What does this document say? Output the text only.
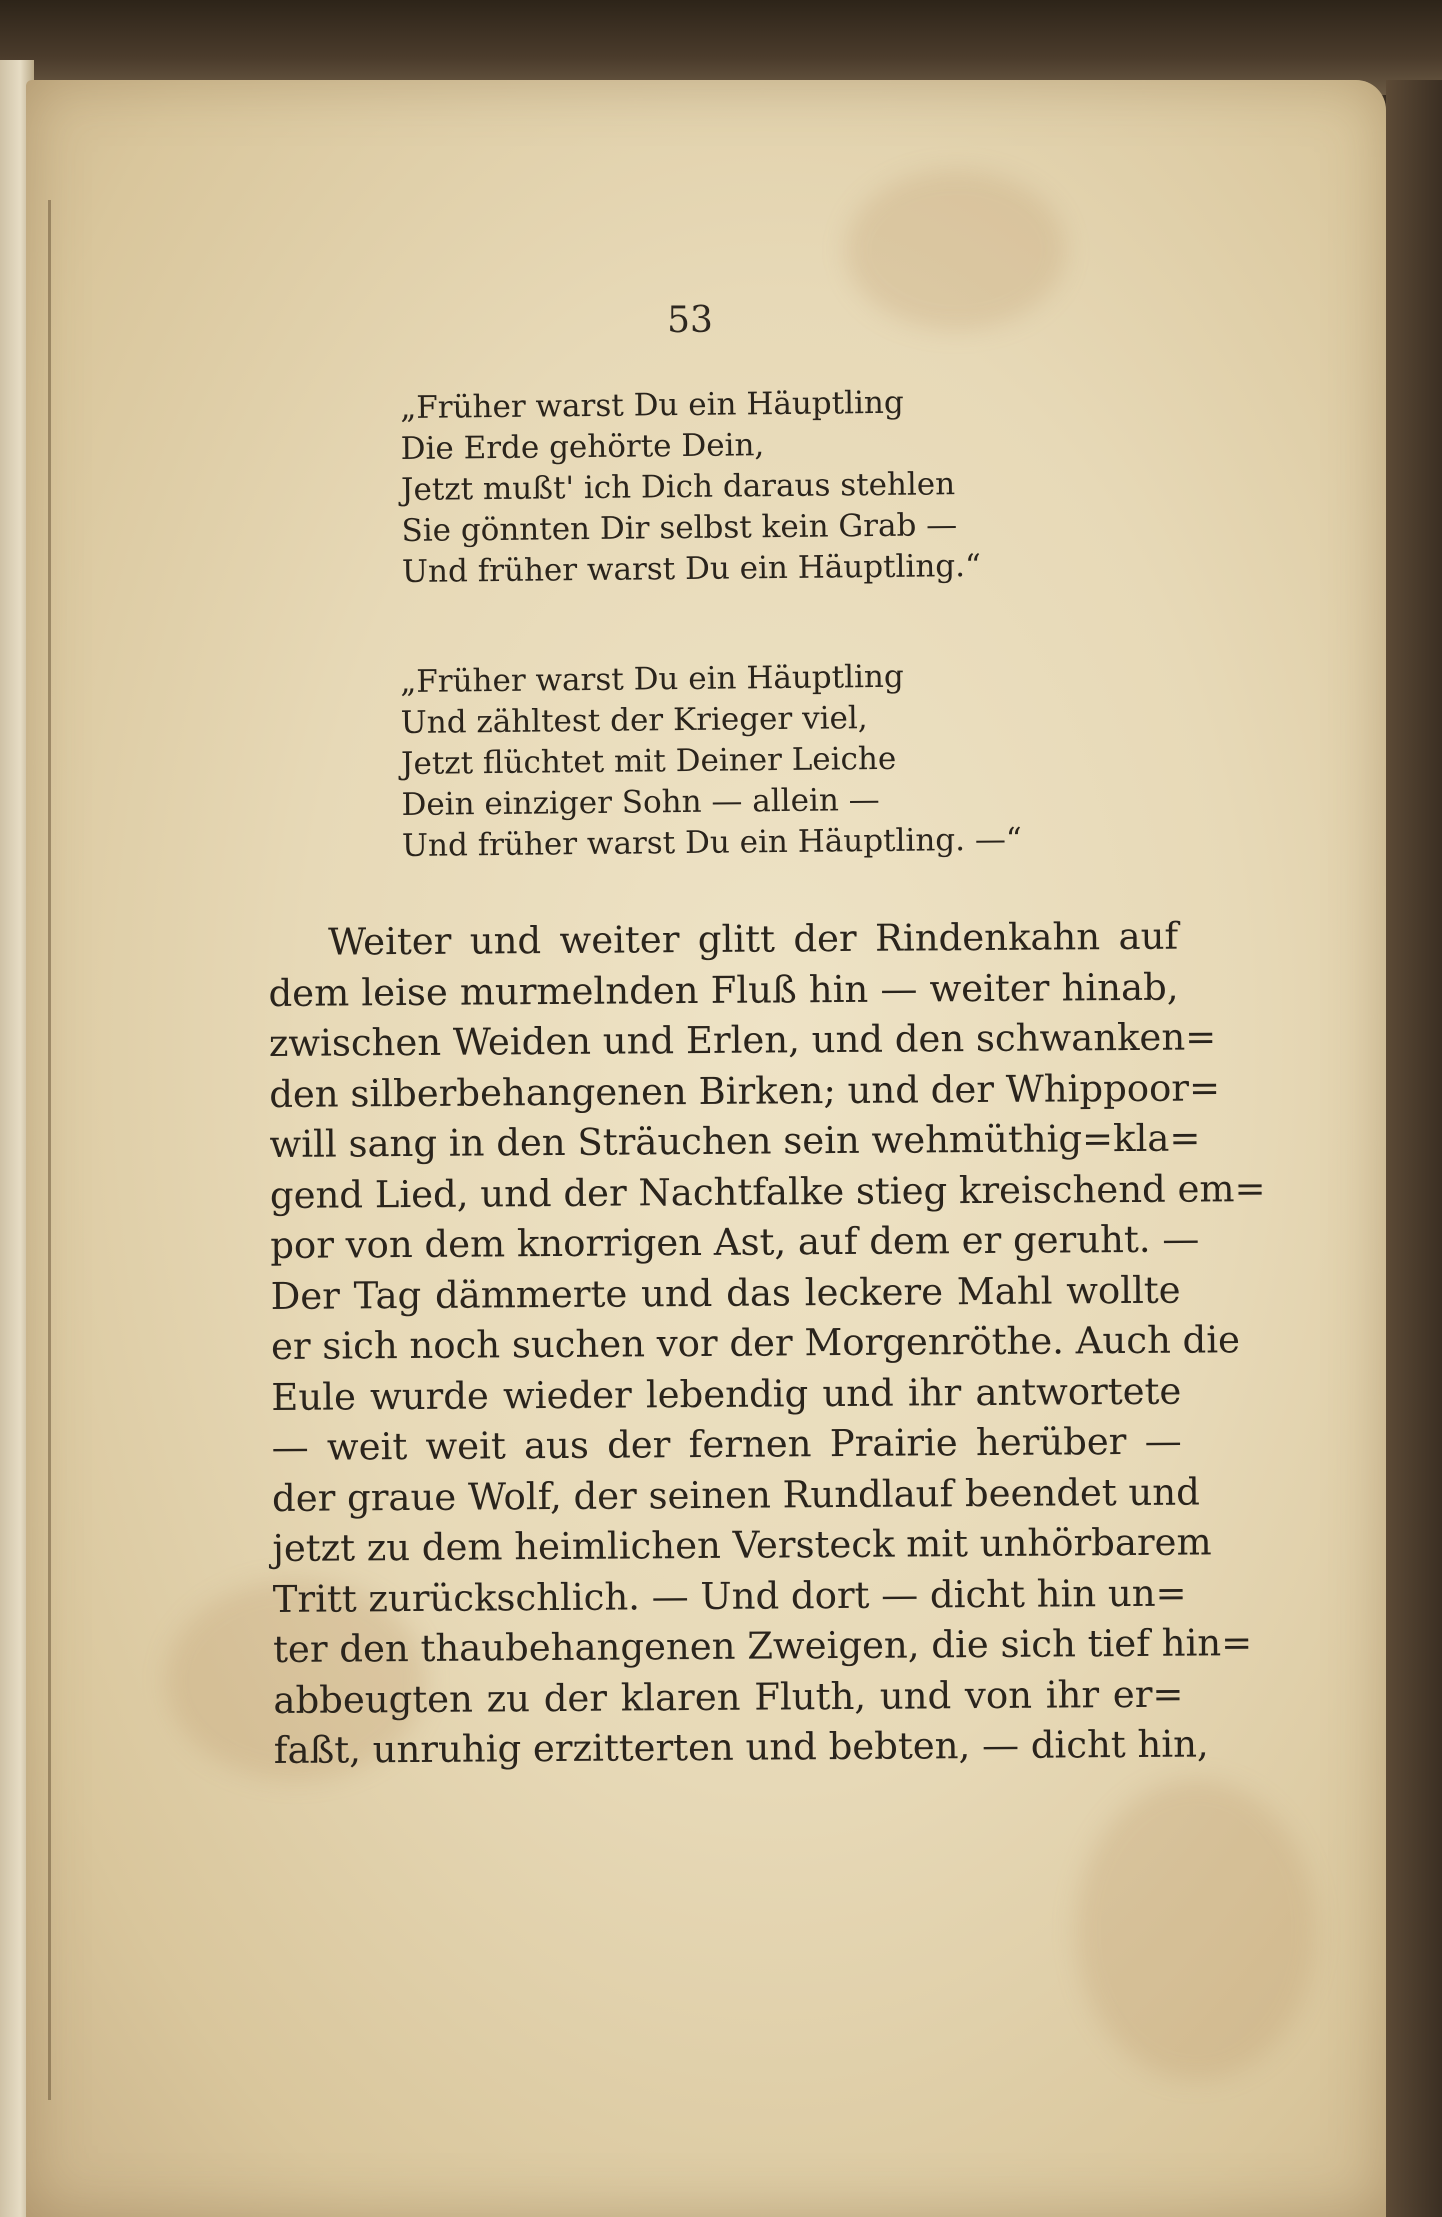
53
„Früher warst Du ein Häuptling
Die Erde gehörte Dein,
Jetzt mußt' ich Dich daraus stehlen
Sie gönnten Dir selbst kein Grab —
Und früher warst Du ein Häuptling.“
„Früher warst Du ein Häuptling
Und zähltest der Krieger viel,
Jetzt flüchtet mit Deiner Leiche
Dein einziger Sohn — allein —
Und früher warst Du ein Häuptling. —“
Weiter und weiter glitt der Rindenkahn auf
dem leise murmelnden Fluß hin — weiter hinab,
zwischen Weiden und Erlen, und den schwanken=
den silberbehangenen Birken; und der Whippoor=
will sang in den Sträuchen sein wehmüthig=kla=
gend Lied, und der Nachtfalke stieg kreischend em=
por von dem knorrigen Ast, auf dem er geruht. —
Der Tag dämmerte und das leckere Mahl wollte
er sich noch suchen vor der Morgenröthe. Auch die
Eule wurde wieder lebendig und ihr antwortete
— weit weit aus der fernen Prairie herüber —
der graue Wolf, der seinen Rundlauf beendet und
jetzt zu dem heimlichen Versteck mit unhörbarem
Tritt zurückschlich. — Und dort — dicht hin un=
ter den thaubehangenen Zweigen, die sich tief hin=
abbeugten zu der klaren Fluth, und von ihr er=
faßt, unruhig erzitterten und bebten, — dicht hin,
